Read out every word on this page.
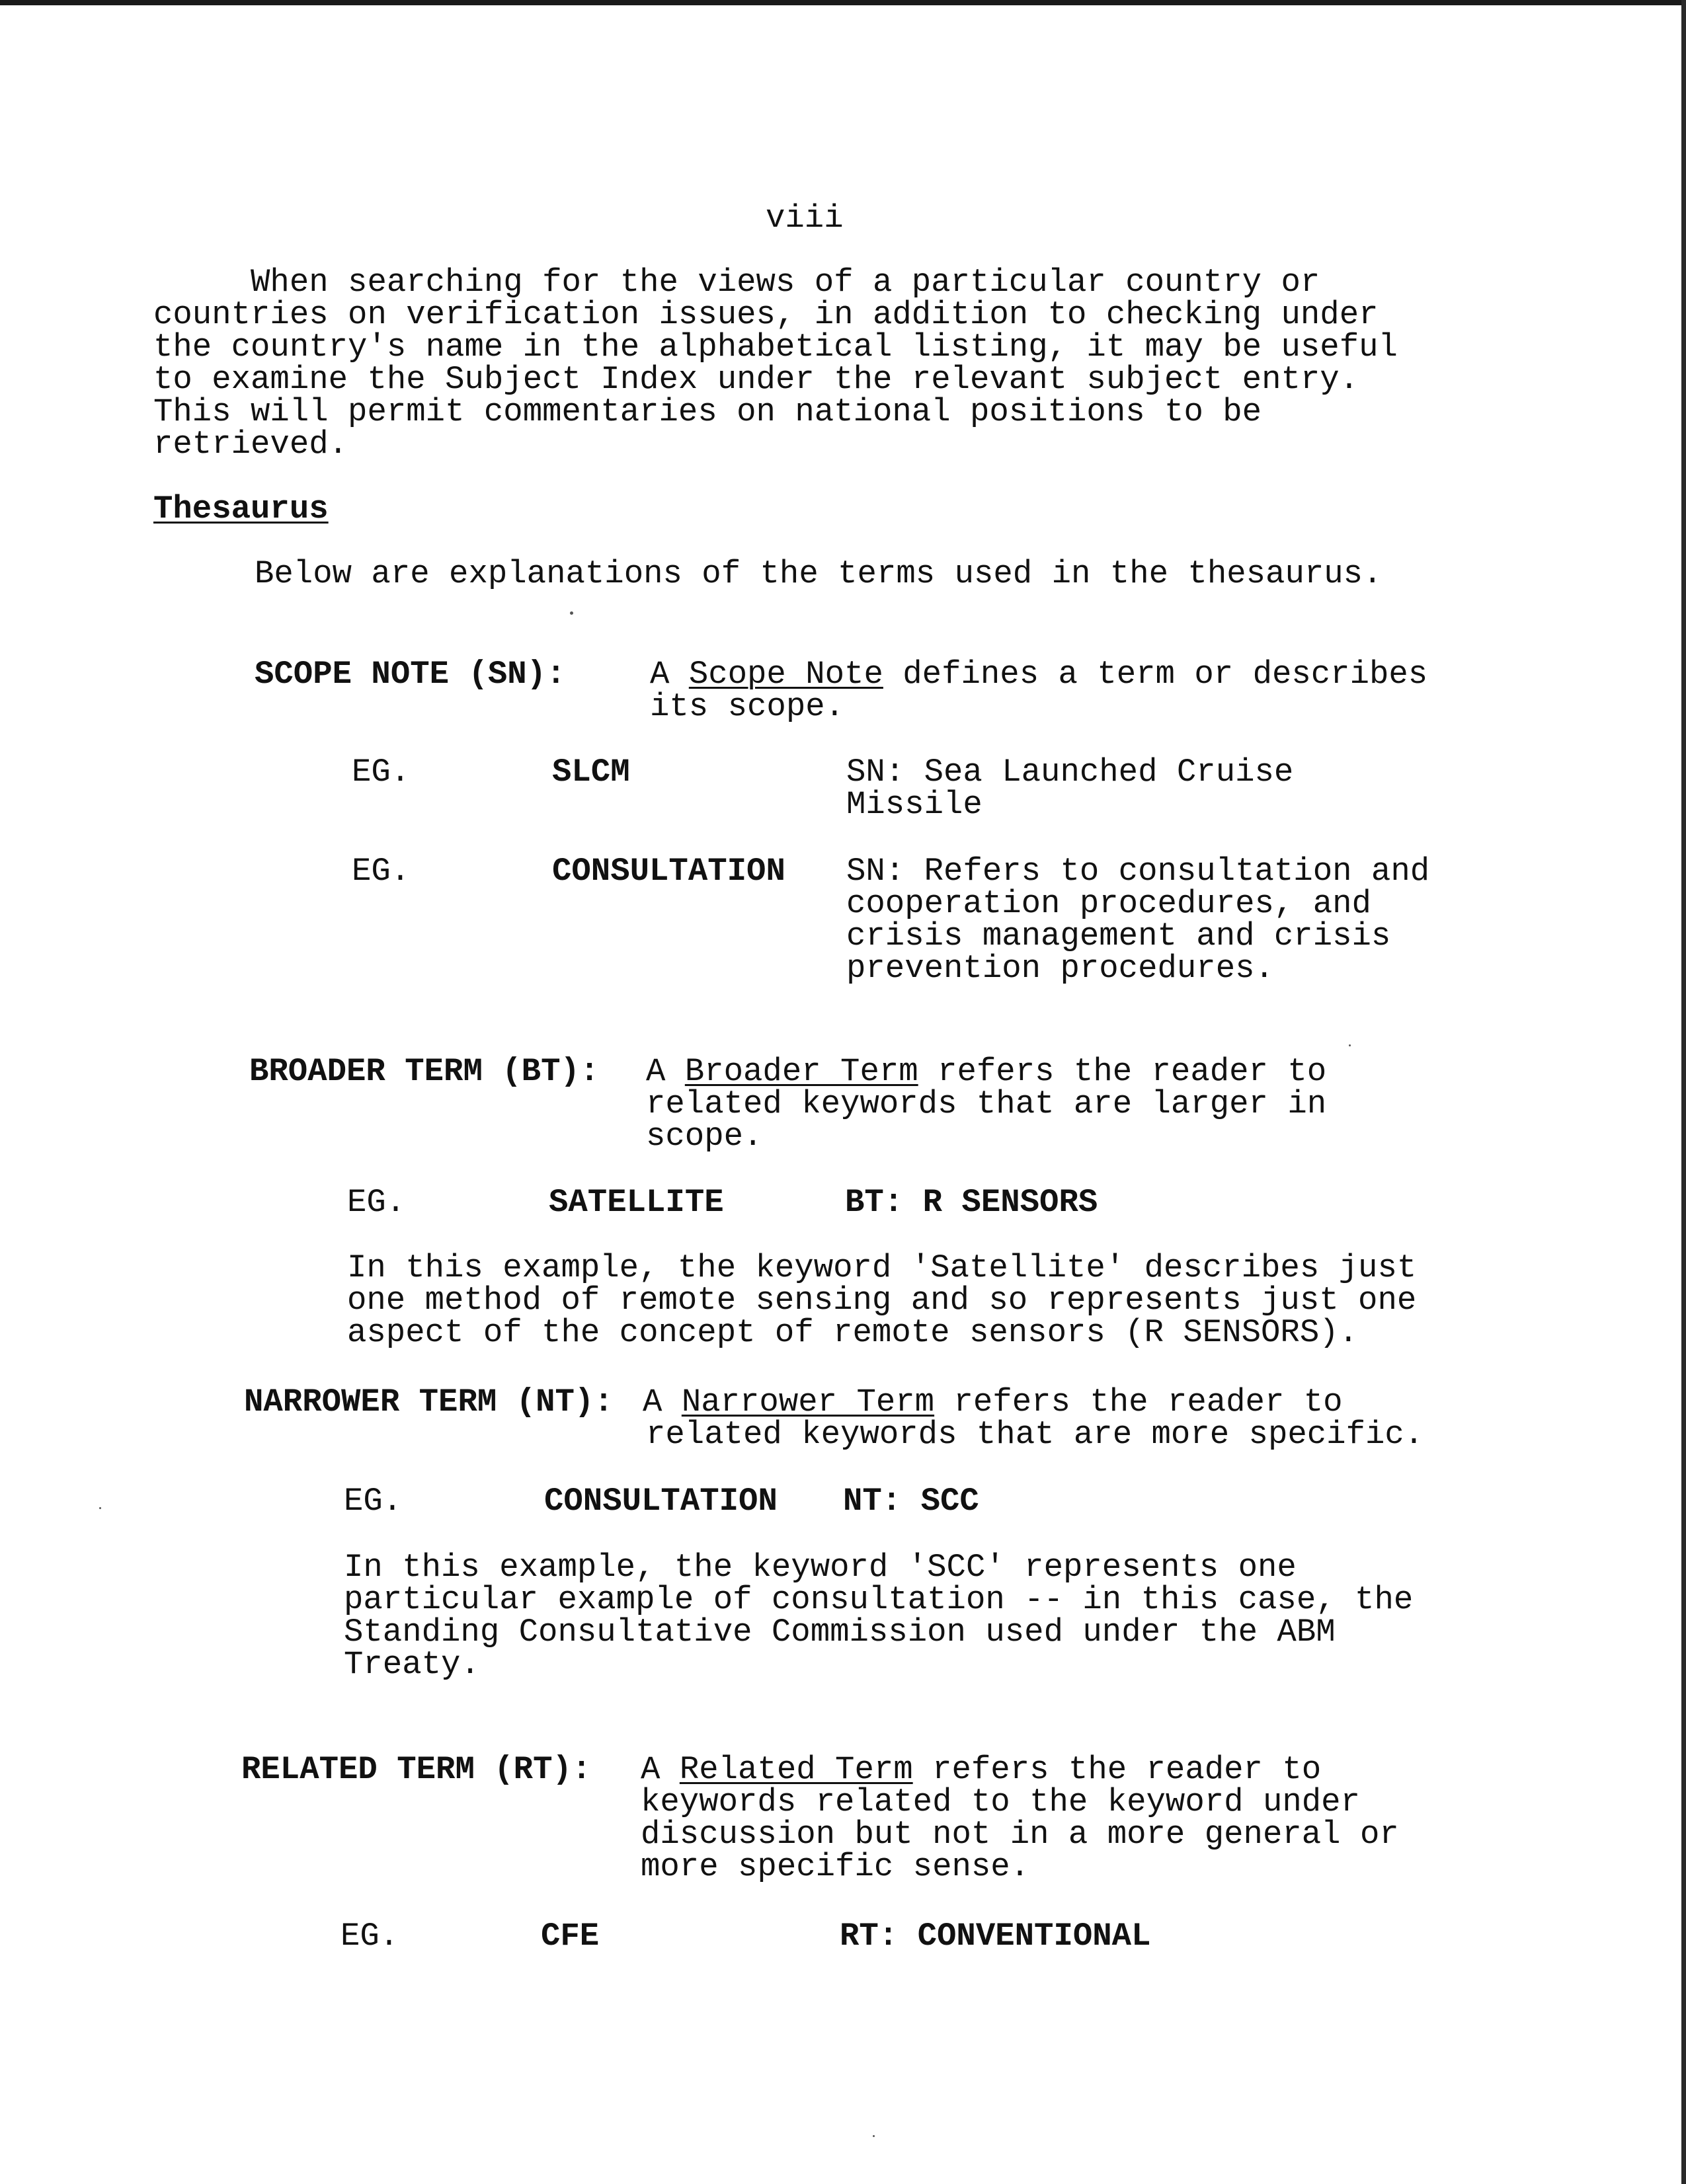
viii
When searching for the views of a particular country or
countries on verification issues, in addition to checking under
the country's name in the alphabetical listing, it may be useful
to examine the Subject Index under the relevant subject entry.
This will permit commentaries on national positions to be
retrieved.
Thesaurus
Below are explanations of the terms used in the thesaurus.
SCOPE NOTE (SN):	A Scope Note defines a term or describes
its scope.
EG.	SLCM	SN: Sea Launched Cruise
Missile
EG.	CONSULTATION SN: Refers to consultation and
cooperation procedures, and
crisis management and crisis
prevention procedures.
BROADER TERM (BT): A Broader Term refers the reader to
related keywords that are larger in
scope.
EG.	SATELLITE	BT: R SENSORS
In this example, the keyword 'Satellite' describes just
one method of remote sensing and so represents just one
aspect of the concept of remote sensors (R SENSORS).
NARROWER TERM (NT): A Narrower Term refers the reader to
related keywords that are more specific.
EG.	CONSULTATION NT: SCC
In this example, the keyword 'SCC' represents one
particular example of consultation -- in this case, the
Standing Consultative Commission used under the ABM
Treaty.
RELATED TERM (RT): A Related Term refers the reader to
keywords related to the keyword under
discussion but not in a more general or
more specific sense.
EG.	CFE	RT: CONVENTIONAL
